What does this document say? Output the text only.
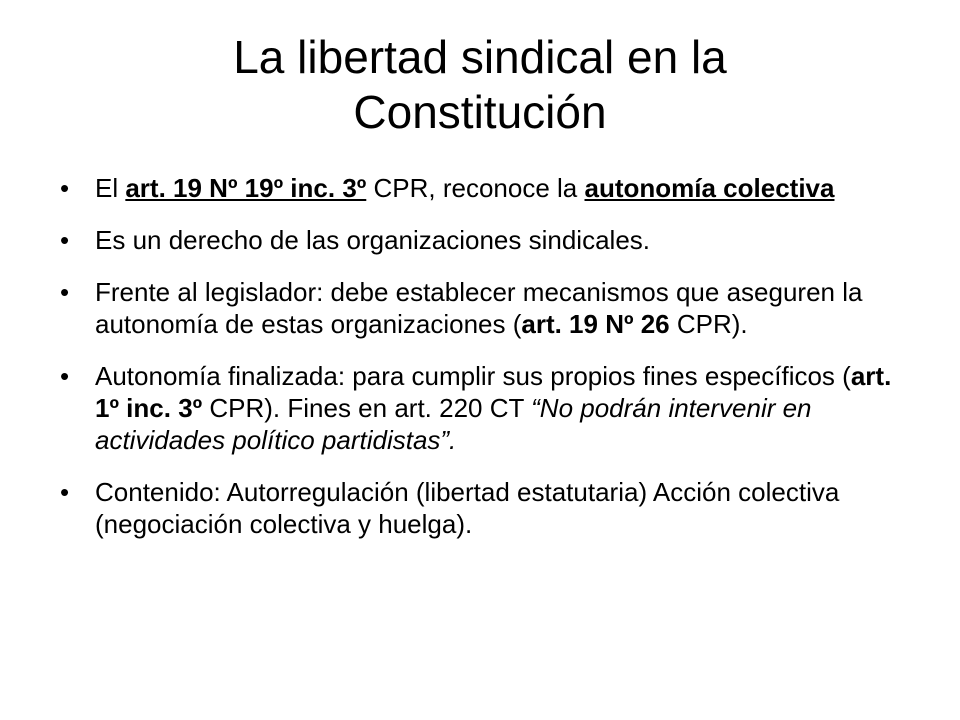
La libertad sindical en la
Constitución
• El art. 19 Nº 19º inc. 3º CPR, reconoce la autonomía colectiva
• Es un derecho de las organizaciones sindicales.
• Frente al legislador: debe establecer mecanismos que aseguren la autonomía de estas organizaciones (art. 19 Nº 26 CPR).
• Autonomía finalizada: para cumplir sus propios fines específicos (art. 1º inc. 3º CPR). Fines en art. 220 CT “No podrán intervenir en actividades político partidistas”.
• Contenido: Autorregulación (libertad estatutaria) Acción colectiva (negociación colectiva y huelga).
